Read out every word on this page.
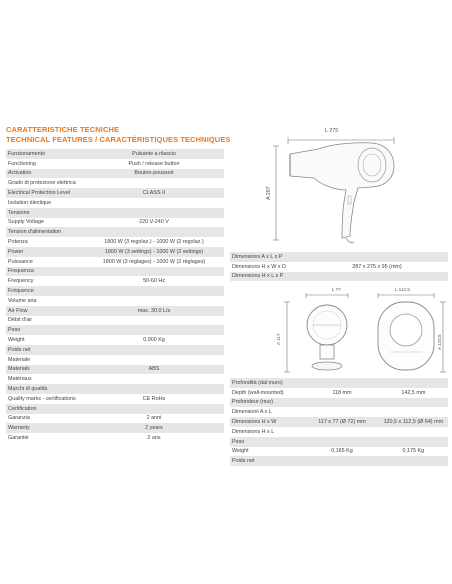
CARATTERISTICHE TECNICHE
TECHNICAL FEATURES / CARACTÉRISTIQUES TECHNIQUES
Funzionamento	Pulsante a rilascio
Functioning	Push / release button
Activation	Bouton-poussoir
Grado di protezione elettrica
Electrical Protection Level	CLASS II
Isolation électique
Tensione
Supply Voltage	220 V-240 V
Tension d'alimentation
Potenza	1800 W (3 regolaz.) - 1000 W (2 regolaz.)
Power	1800 W (3 settings) - 1000 W (2 settings)
Puissance	1800 W (3 réglages) - 1000 W (2 réglages)
Frequenza
Frequency	50-60 Hz
Fréquence
Volume aria
Air Flow	max. 30,0 L/s
Débit d'air
Peso
Weight	0,900 Kg
Poids net
Materiale
Materials	ABS
Matériaux
Marchi di qualità
Quality marks - certifications	CE RoHs
Certification
Garanzia	2 anni
Warranty	2 years
Garantie	2 ans
L 275
A 287
Dimensions A x L x P
Dimensions H x W x D	287 x 275 x 95 (mm)
Dimensions H x L x P
L 77
A 117
L 112,5
A 120,5
Profondità (dal muro)
Depth (wall-mounted)	118 mm	142,5 mm
Profondeur (mur)
Dimensioni A x L
Dimensions H x W	117 x 77 (Ø 72) mm	120,5 x 112,5 (Ø 64) mm
Dimensions H x L
Peso
Weight	0,165 Kg	0,175 Kg
Poids net
